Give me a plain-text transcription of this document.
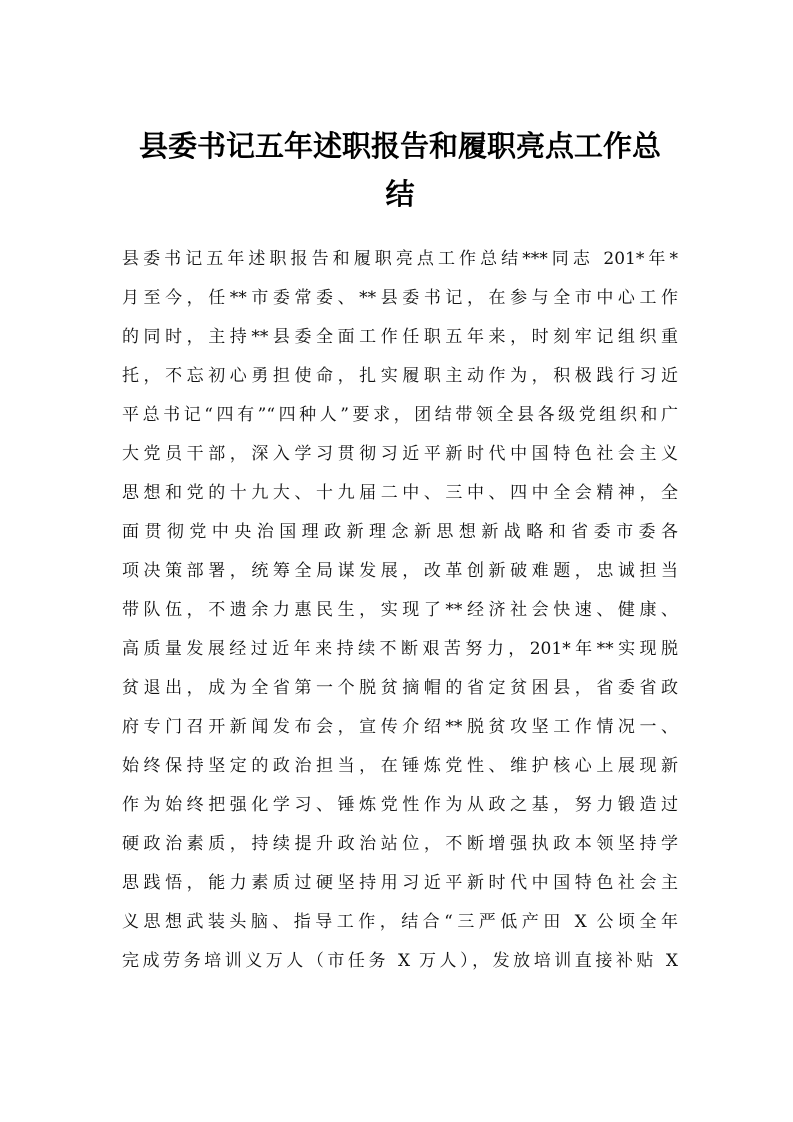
县委书记五年述职报告和履职亮点工作总
结
县委书记五年述职报告和履职亮点工作总结***同志 201*年*
月至今，任**市委常委、**县委书记，在参与全市中心工作
的同时，主持**县委全面工作任职五年来，时刻牢记组织重
托，不忘初心勇担使命，扎实履职主动作为，积极践行习近
平总书记“四有”“四种人”要求，团结带领全县各级党组织和广
大党员干部，深入学习贯彻习近平新时代中国特色社会主义
思想和党的十九大、十九届二中、三中、四中全会精神，全
面贯彻党中央治国理政新理念新思想新战略和省委市委各
项决策部署，统筹全局谋发展，改革创新破难题，忠诚担当
带队伍，不遗余力惠民生，实现了**经济社会快速、健康、
高质量发展经过近年来持续不断艰苦努力，201*年**实现脱
贫退出，成为全省第一个脱贫摘帽的省定贫困县，省委省政
府专门召开新闻发布会，宣传介绍**脱贫攻坚工作情况一、
始终保持坚定的政治担当，在锤炼党性、维护核心上展现新
作为始终把强化学习、锤炼党性作为从政之基，努力锻造过
硬政治素质，持续提升政治站位，不断增强执政本领坚持学
思践悟，能力素质过硬坚持用习近平新时代中国特色社会主
义思想武装头脑、指导工作，结合“三严低产田 X 公顷全年
完成劳务培训义万人（市任务 X 万人），发放培训直接补贴 X
